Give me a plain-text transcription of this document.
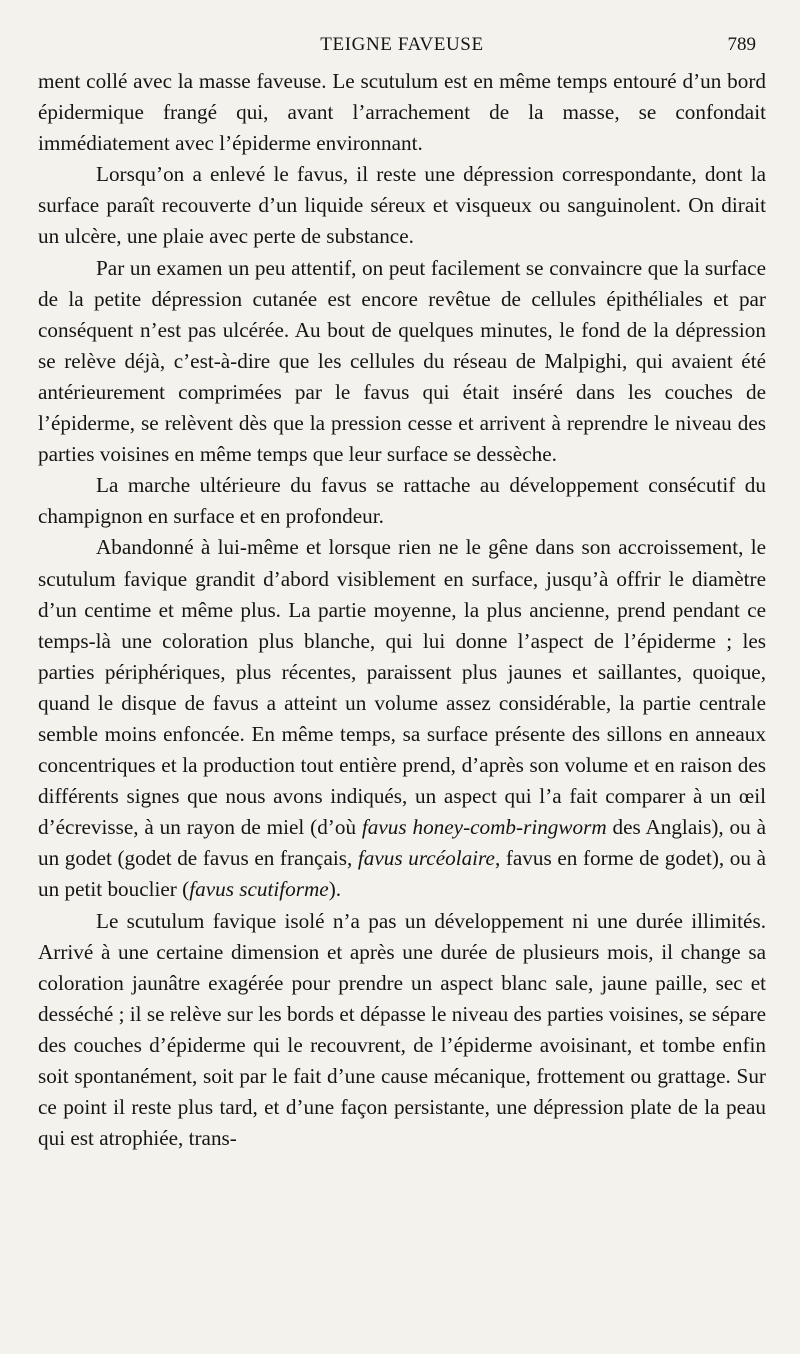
TEIGNE FAVEUSE	789

ment collé avec la masse faveuse. Le scutulum est en même temps entouré d’un bord épidermique frangé qui, avant l’arrachement de la masse, se confondait immédiatement avec l’épiderme environnant.

Lorsqu’on a enlevé le favus, il reste une dépression correspondante, dont la surface paraît recouverte d’un liquide séreux et visqueux ou sanguinolent. On dirait un ulcère, une plaie avec perte de substance.

Par un examen un peu attentif, on peut facilement se convaincre que la surface de la petite dépression cutanée est encore revêtue de cellules épithéliales et par conséquent n’est pas ulcérée. Au bout de quelques minutes, le fond de la dépression se relève déjà, c’est-à-dire que les cellules du réseau de Malpighi, qui avaient été antérieurement comprimées par le favus qui était inséré dans les couches de l’épiderme, se relèvent dès que la pression cesse et arrivent à reprendre le niveau des parties voisines en même temps que leur surface se dessèche.

La marche ultérieure du favus se rattache au développement consécutif du champignon en surface et en profondeur.

Abandonné à lui-même et lorsque rien ne le gêne dans son accroissement, le scutulum favique grandit d’abord visiblement en surface, jusqu’à offrir le diamètre d’un centime et même plus. La partie moyenne, la plus ancienne, prend pendant ce temps-là une coloration plus blanche, qui lui donne l’aspect de l’épiderme ; les parties périphériques, plus récentes, paraissent plus jaunes et saillantes, quoique, quand le disque de favus a atteint un volume assez considérable, la partie centrale semble moins enfoncée. En même temps, sa surface présente des sillons en anneaux concentriques et la production tout entière prend, d’après son volume et en raison des différents signes que nous avons indiqués, un aspect qui l’a fait comparer à un œil d’écrevisse, à un rayon de miel (d’où favus honey-comb-ringworm des Anglais), ou à un godet (godet de favus en français, favus urcéolaire, favus en forme de godet), ou à un petit bouclier (favus scutiforme).

Le scutulum favique isolé n’a pas un développement ni une durée illimités. Arrivé à une certaine dimension et après une durée de plusieurs mois, il change sa coloration jaunâtre exagérée pour prendre un aspect blanc sale, jaune paille, sec et desséché ; il se relève sur les bords et dépasse le niveau des parties voisines, se sépare des couches d’épiderme qui le recouvrent, de l’épiderme avoisinant, et tombe enfin soit spontanément, soit par le fait d’une cause mécanique, frottement ou grattage. Sur ce point il reste plus tard, et d’une façon persistante, une dépression plate de la peau qui est atrophiée, trans-
